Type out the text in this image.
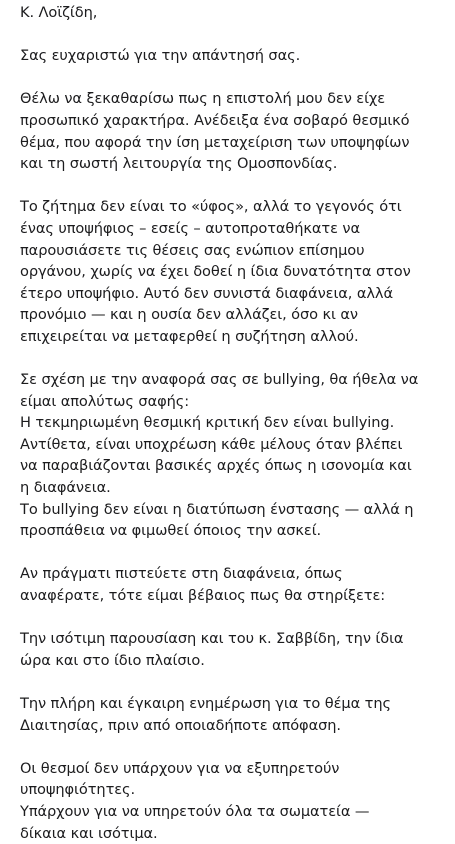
Κ. Λοϊζίδη,
Σας ευχαριστώ για την απάντησή σας.
Θέλω να ξεκαθαρίσω πως η επιστολή μου δεν είχε
προσωπικό χαρακτήρα. Ανέδειξα ένα σοβαρό θεσμικό
θέμα, που αφορά την ίση μεταχείριση των υποψηφίων
και τη σωστή λειτουργία της Ομοσπονδίας.
Το ζήτημα δεν είναι το «ύφος», αλλά το γεγονός ότι
ένας υποψήφιος – εσείς – αυτοπροταθήκατε να
παρουσιάσετε τις θέσεις σας ενώπιον επίσημου
οργάνου, χωρίς να έχει δοθεί η ίδια δυνατότητα στον
έτερο υποψήφιο. Αυτό δεν συνιστά διαφάνεια, αλλά
προνόμιο — και η ουσία δεν αλλάζει, όσο κι αν
επιχειρείται να μεταφερθεί η συζήτηση αλλού.
Σε σχέση με την αναφορά σας σε bullying, θα ήθελα να
είμαι απολύτως σαφής:
Η τεκμηριωμένη θεσμική κριτική δεν είναι bullying.
Αντίθετα, είναι υποχρέωση κάθε μέλους όταν βλέπει
να παραβιάζονται βασικές αρχές όπως η ισονομία και
η διαφάνεια.
Το bullying δεν είναι η διατύπωση ένστασης — αλλά η
προσπάθεια να φιμωθεί όποιος την ασκεί.
Αν πράγματι πιστεύετε στη διαφάνεια, όπως
αναφέρατε, τότε είμαι βέβαιος πως θα στηρίξετε:
Την ισότιμη παρουσίαση και του κ. Σαββίδη, την ίδια
ώρα και στο ίδιο πλαίσιο.
Την πλήρη και έγκαιρη ενημέρωση για το θέμα της
Διαιτησίας, πριν από οποιαδήποτε απόφαση.
Οι θεσμοί δεν υπάρχουν για να εξυπηρετούν
υποψηφιότητες.
Υπάρχουν για να υπηρετούν όλα τα σωματεία —
δίκαια και ισότιμα.
